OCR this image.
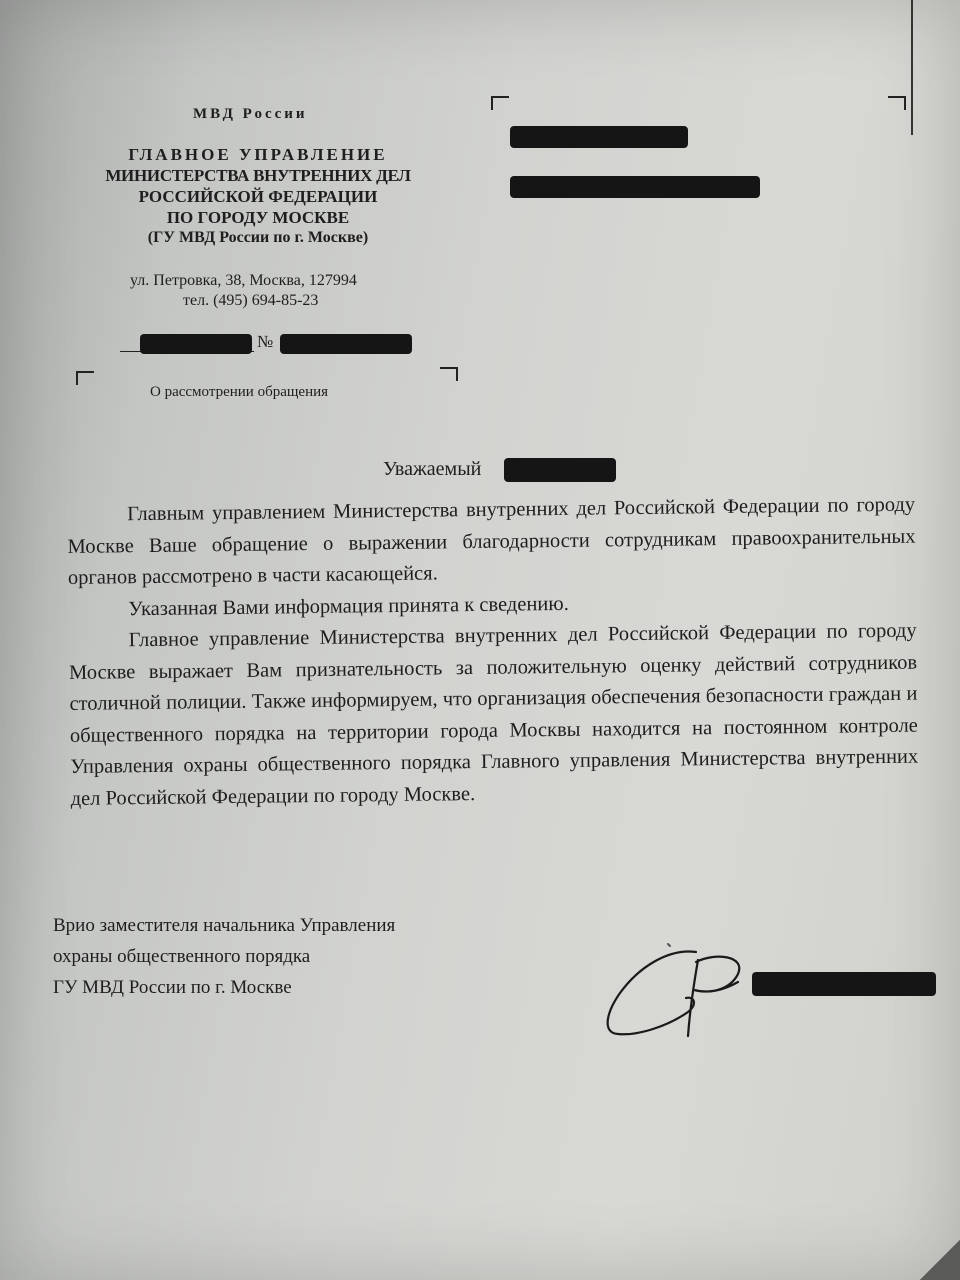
МВД России
ГЛАВНОЕ УПРАВЛЕНИЕ
МИНИСТЕРСТВА ВНУТРЕННИХ ДЕЛ
РОССИЙСКОЙ ФЕДЕРАЦИИ
ПО ГОРОДУ МОСКВЕ
(ГУ МВД России по г. Москве)
ул. Петровка, 38, Москва, 127994
тел. (495) 694-85-23
№
О рассмотрении обращения
Уважаемый

Главным управлением Министерства внутренних дел Российской Федерации по городу Москве Ваше обращение о выражении благодарности сотрудникам правоохранительных органов рассмотрено в части касающейся.

Указанная Вами информация принята к сведению.

Главное управление Министерства внутренних дел Российской Федерации по городу Москве выражает Вам признательность за положительную оценку действий сотрудников столичной полиции. Также информируем, что организация обеспечения безопасности граждан и общественного порядка на территории города Москвы находится на постоянном контроле Управления охраны общественного порядка Главного управления Министерства внутренних дел Российской Федерации по городу Москве.

Врио заместителя начальника Управления
охраны общественного порядка
ГУ МВД России по г. Москве
